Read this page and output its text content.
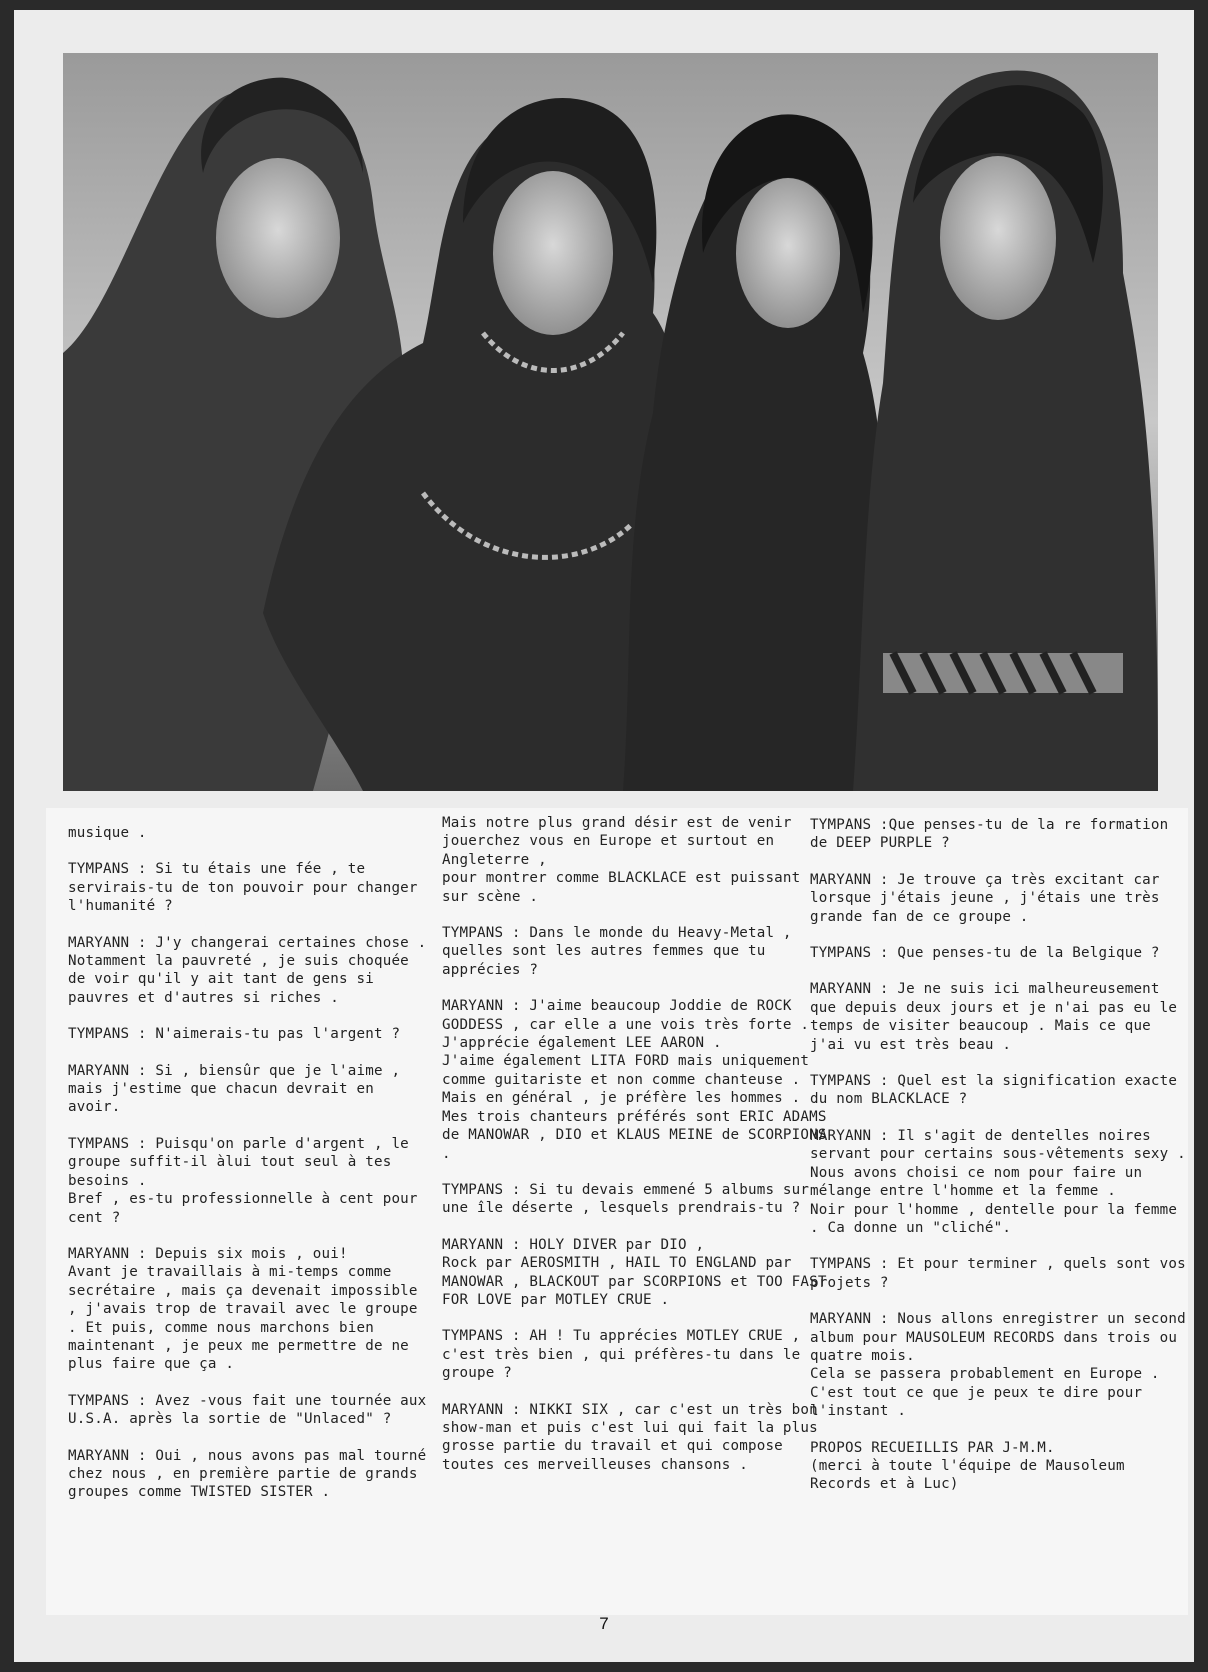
musique .

TYMPANS : Si tu étais une fée , te servirais-tu de ton pouvoir pour changer l'humanité ?

MARYANN : J'y changerai certaines chose . Notamment la pauvreté , je suis choquée de voir qu'il y ait tant de gens si pauvres et d'autres si riches .

TYMPANS : N'aimerais-tu pas l'argent ?

MARYANN : Si , biensûr que je l'aime , mais j'estime que chacun devrait en avoir.

TYMPANS : Puisqu'on parle d'argent , le groupe suffit-il àlui tout seul à tes besoins .
Bref , es-tu professionnelle à cent pour cent ?

MARYANN : Depuis six mois , oui!
Avant je travaillais à mi-temps comme secrétaire , mais ça devenait impossible , j'avais trop de travail avec le groupe . Et puis, comme nous marchons bien maintenant , je peux me permettre de ne plus faire que ça .

TYMPANS : Avez -vous fait une tournée aux U.S.A. après la sortie de "Unlaced" ?

MARYANN : Oui , nous avons pas mal tourné chez nous , en première partie de grands groupes comme TWISTED SISTER .

Mais notre plus grand désir est de venir jouerchez vous en Europe et surtout en Angleterre ,
pour montrer comme BLACKLACE est puissant sur scène .

TYMPANS : Dans le monde du Heavy-Metal , quelles sont les autres femmes que tu apprécies ?

MARYANN : J'aime beaucoup Joddie de ROCK GODDESS , car elle a une vois très forte .
J'apprécie également LEE AARON .
J'aime également LITA FORD mais uniquement comme guitariste et non comme chanteuse .
Mais en général , je préfère les hommes . Mes trois chanteurs préférés sont ERIC ADAMS de MANOWAR , DIO et KLAUS MEINE de SCORPIONS .

TYMPANS : Si tu devais emmené 5 albums sur une île déserte , lesquels prendrais-tu ?

MARYANN : HOLY DIVER par DIO ,
Rock par AEROSMITH , HAIL TO ENGLAND par MANOWAR , BLACKOUT par SCORPIONS et TOO FAST FOR LOVE par MOTLEY CRUE .

TYMPANS : AH ! Tu apprécies MOTLEY CRUE , c'est très bien , qui préfères-tu dans le groupe ?

MARYANN : NIKKI SIX , car c'est un très bon show-man et puis c'est lui qui fait la plus grosse partie du travail et qui compose toutes ces merveilleuses chansons .

TYMPANS :Que penses-tu de la re formation de DEEP PURPLE ?

MARYANN : Je trouve ça très excitant car lorsque j'étais jeune , j'étais une très grande fan de ce groupe .

TYMPANS : Que penses-tu de la Belgique ?

MARYANN : Je ne suis ici malheureusement que depuis deux jours et je n'ai pas eu le temps de visiter beaucoup . Mais ce que j'ai vu est très beau .

TYMPANS : Quel est la signification exacte du nom BLACKLACE ?

MARYANN : Il s'agit de dentelles noires servant pour certains sous-vêtements sexy . Nous avons choisi ce nom pour faire un mélange entre l'homme et la femme .
Noir pour l'homme , dentelle pour la femme . Ca donne un "cliché".

TYMPANS : Et pour terminer , quels sont vos projets ?

MARYANN : Nous allons enregistrer un second album pour MAUSOLEUM RECORDS dans trois ou quatre mois.
Cela se passera probablement en Europe .
C'est tout ce que je peux te dire pour l'instant .

PROPOS RECUEILLIS PAR J-M.M.
(merci à toute l'équipe de Mausoleum Records et à Luc)

7
